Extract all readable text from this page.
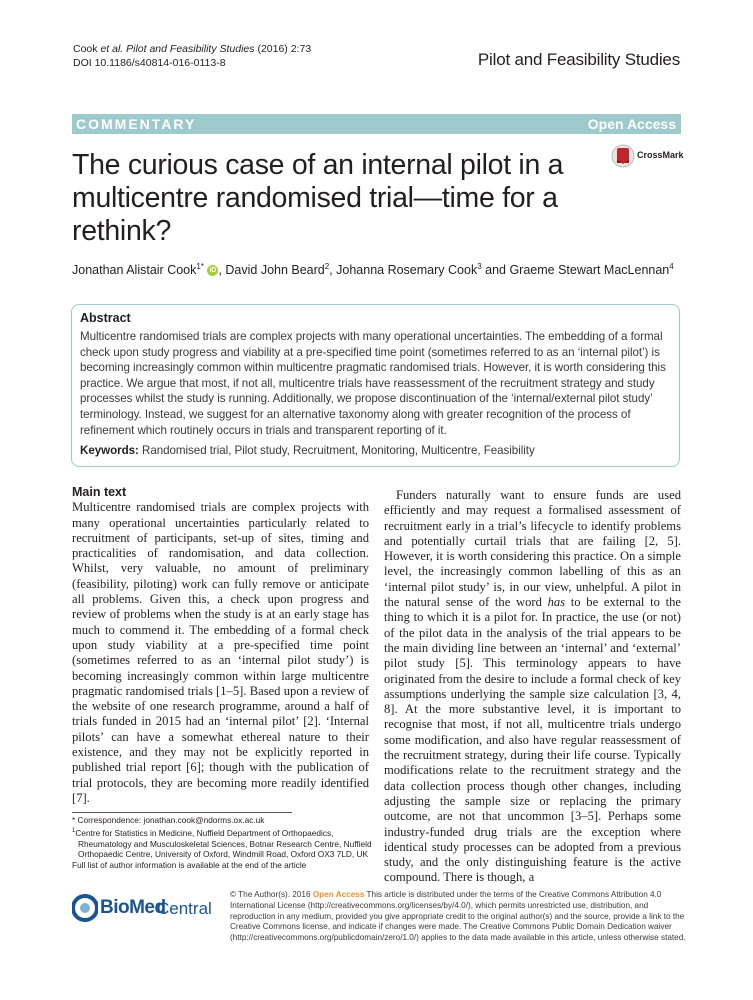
Cook et al. Pilot and Feasibility Studies (2016) 2:73
DOI 10.1186/s40814-016-0113-8	Pilot and Feasibility Studies
COMMENTARY	Open Access
The curious case of an internal pilot in a multicentre randomised trial—time for a rethink?
CrossMark
Jonathan Alistair Cook$^{1*}$ iD , David John Beard$^2$, Johanna Rosemary Cook$^3$ and Graeme Stewart MacLennan$^4$
Abstract

Multicentre randomised trials are complex projects with many operational uncertainties. The embedding of a formal check upon study progress and viability at a pre-specified time point (sometimes referred to as an ‘internal pilot’) is becoming increasingly common within multicentre pragmatic randomised trials. However, it is worth considering this practice. We argue that most, if not all, multicentre trials have reassessment of the recruitment strategy and study processes whilst the study is running. Additionally, we propose discontinuation of the ‘internal/external pilot study’ terminology. Instead, we suggest for an alternative taxonomy along with greater recognition of the process of refinement which routinely occurs in trials and transparent reporting of it.

Keywords: Randomised trial, Pilot study, Recruitment, Monitoring, Multicentre, Feasibility

Main text

Multicentre randomised trials are complex projects with many operational uncertainties particularly related to recruitment of participants, set-up of sites, timing and practicalities of randomisation, and data collection. Whilst, very valuable, no amount of preliminary (feasibility, piloting) work can fully remove or anticipate all problems. Given this, a check upon progress and review of problems when the study is at an early stage has much to commend it. The embedding of a formal check upon study viability at a pre-specified time point (sometimes referred to as an ‘internal pilot study’) is becoming increasingly common within large multicentre pragmatic randomised trials [1–5]. Based upon a review of the website of one research programme, around a half of trials funded in 2015 had an ‘internal pilot’ [2]. ‘Internal pilots’ can have a somewhat ethereal nature to their existence, and they may not be explicitly reported in published trial report [6]; though with the publication of trial protocols, they are becoming more readily identified [7].

Funders naturally want to ensure funds are used efficiently and may request a formalised assessment of recruitment early in a trial’s lifecycle to identify problems and potentially curtail trials that are failing [2, 5]. However, it is worth considering this practice. On a simple level, the increasingly common labelling of this as an ‘internal pilot study’ is, in our view, unhelpful. A pilot in the natural sense of the word has to be external to the thing to which it is a pilot for. In practice, the use (or not) of the pilot data in the analysis of the trial appears to be the main dividing line between an ‘internal’ and ‘external’ pilot study [5]. This terminology appears to have originated from the desire to include a formal check of key assumptions underlying the sample size calculation [3, 4, 8]. At the more substantive level, it is important to recognise that most, if not all, multicentre trials undergo some modification, and also have regular reassessment of the recruitment strategy, during their life course. Typically modifications relate to the recruitment strategy and the data collection process though other changes, including adjusting the sample size or replacing the primary outcome, are not that uncommon [3–5]. Perhaps some industry-funded drug trials are the exception where identical study processes can be adopted from a previous study, and the only distinguishing feature is the active compound. There is though, a

* Correspondence: jonathan.cook@ndorms.ox.ac.uk

$^1$Centre for Statistics in Medicine, Nuffield Department of Orthopaedics, Rheumatology and Musculoskeletal Sciences, Botnar Research Centre, Nuffield Orthopaedic Centre, University of Oxford, Windmill Road, Oxford OX3 7LD, UK

Full list of author information is available at the end of the article

BioMed
Central

© The Author(s). 2016 Open Access This article is distributed under the terms of the Creative Commons Attribution 4.0 International License (http://creativecommons.org/licenses/by/4.0/), which permits unrestricted use, distribution, and reproduction in any medium, provided you give appropriate credit to the original author(s) and the source, provide a link to the Creative Commons license, and indicate if changes were made. The Creative Commons Public Domain Dedication waiver (http://creativecommons.org/publicdomain/zero/1.0/) applies to the data made available in this article, unless otherwise stated.
